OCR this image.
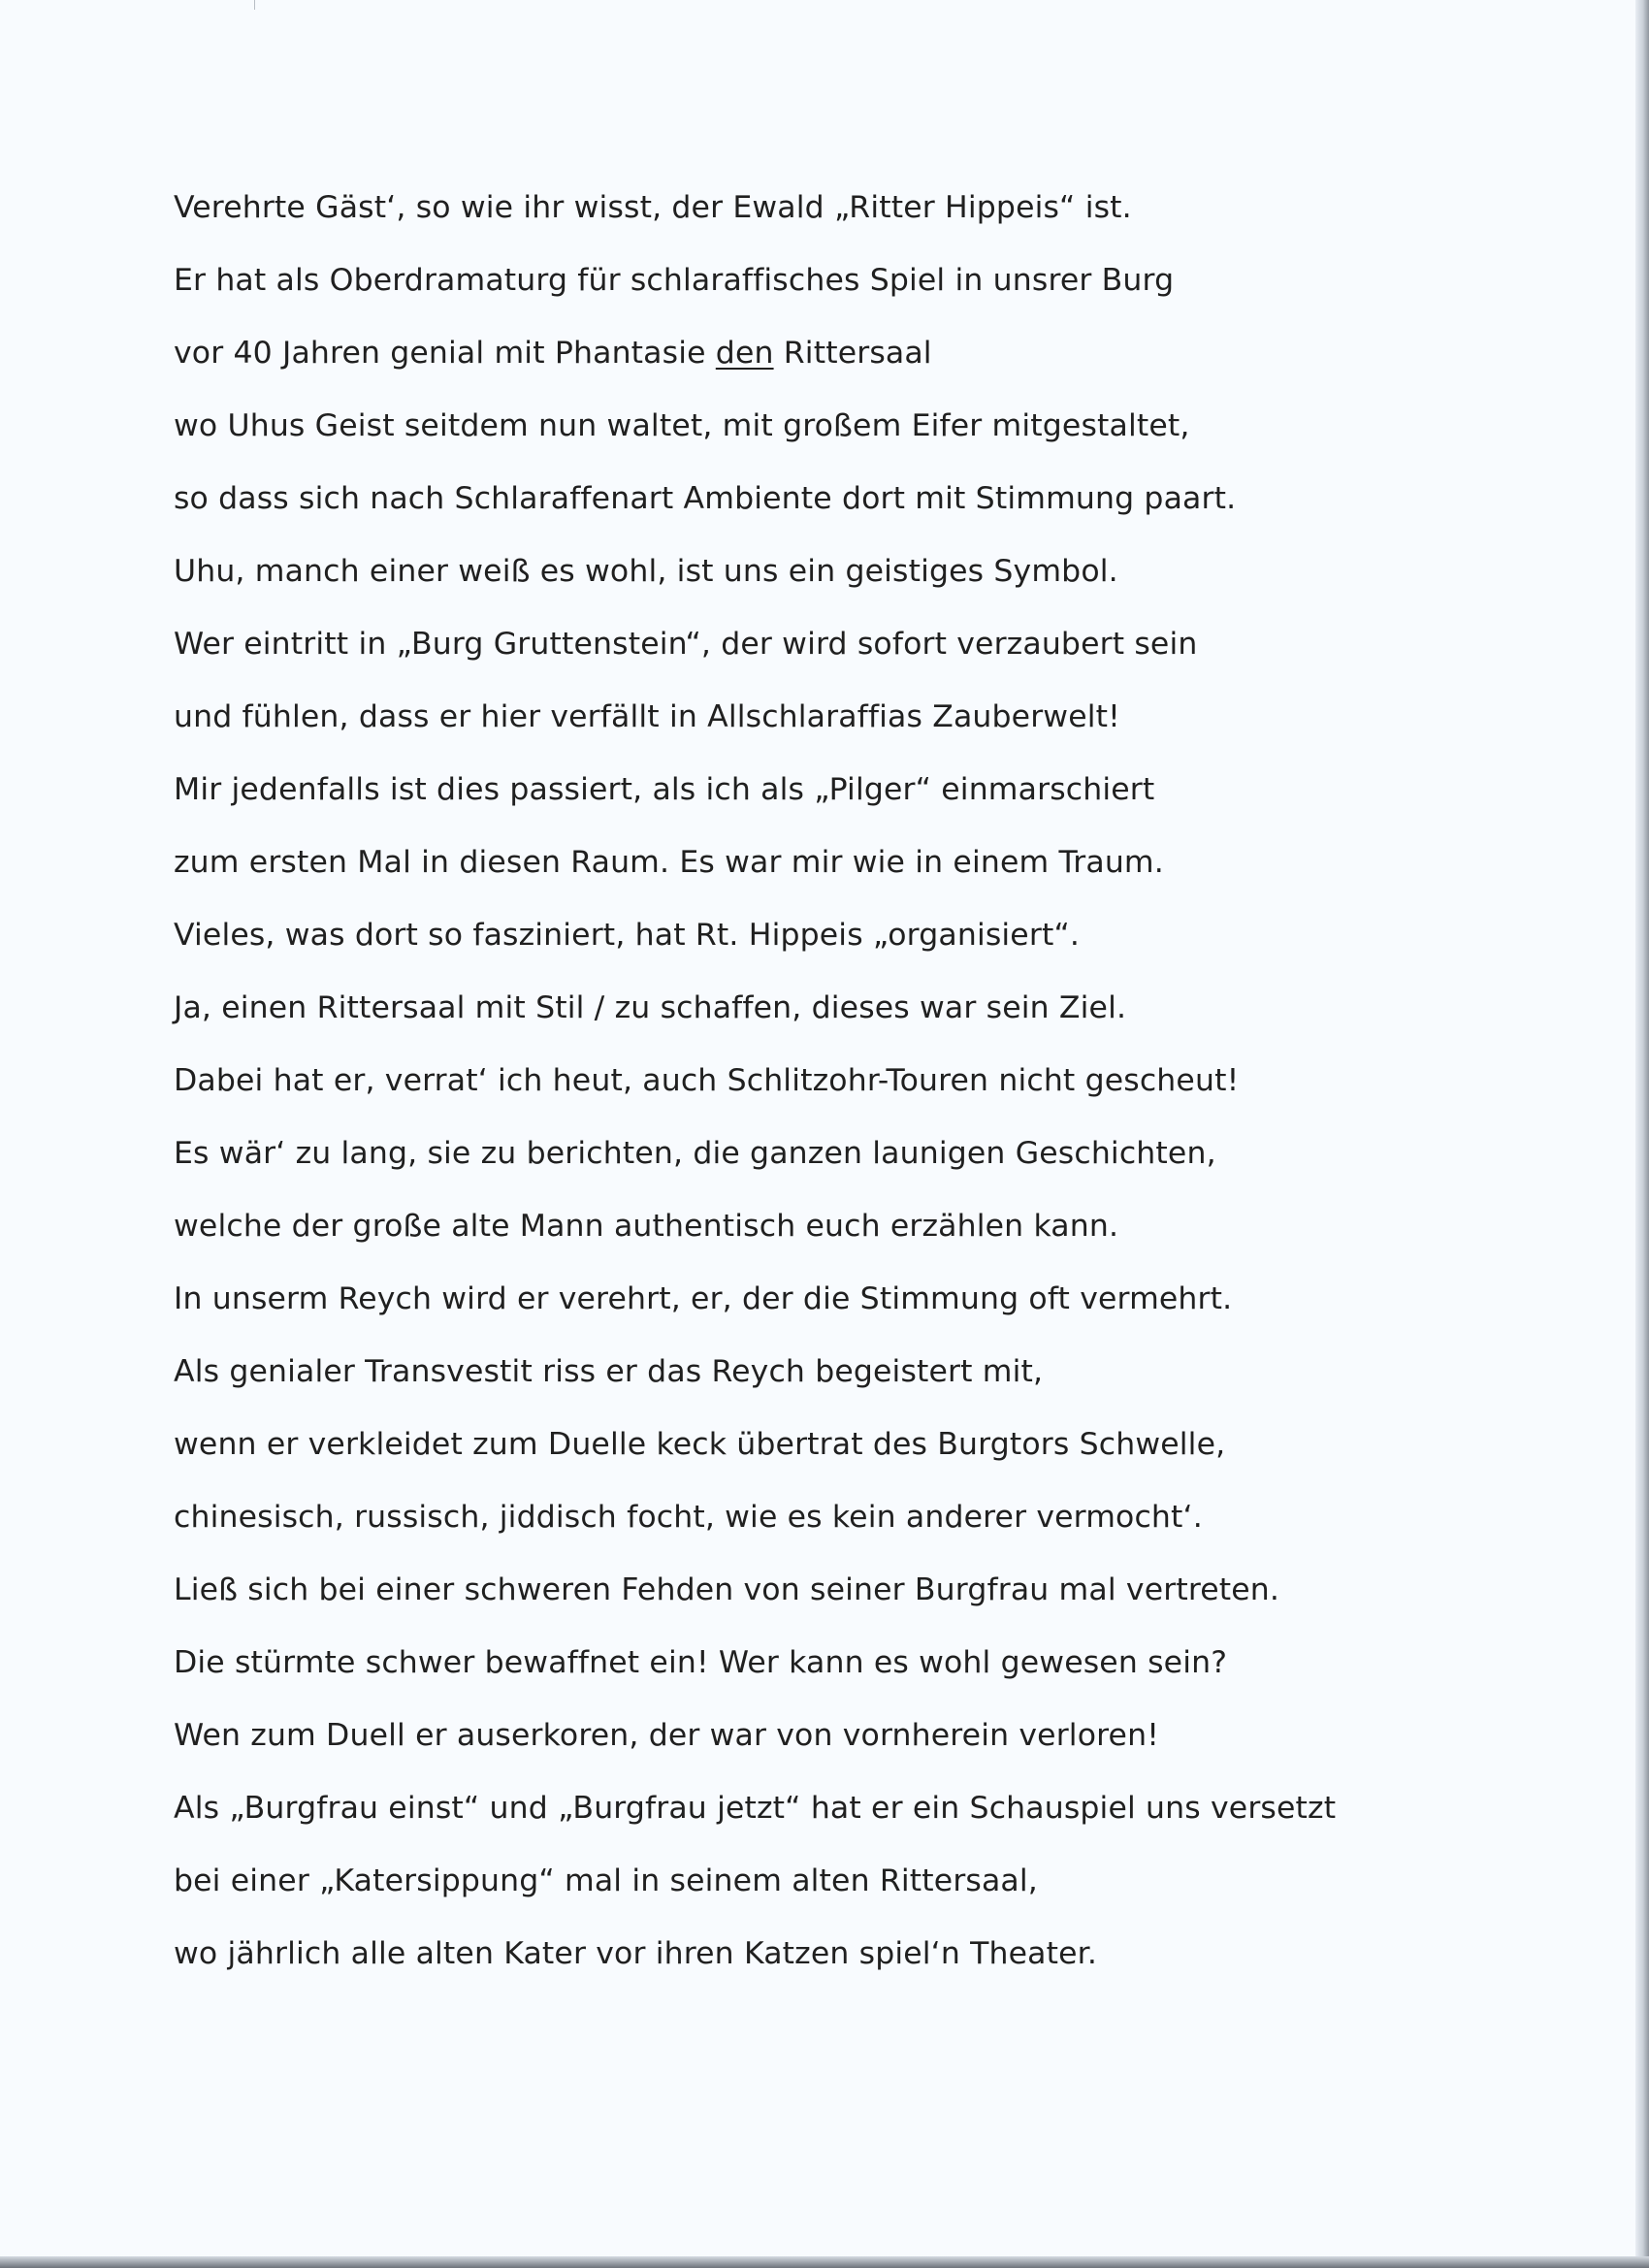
Verehrte Gäst‘, so wie ihr wisst, der Ewald „Ritter Hippeis“ ist.
Er hat als Oberdramaturg für schlaraffisches Spiel in unsrer Burg
vor 40 Jahren genial mit Phantasie den Rittersaal
wo Uhus Geist seitdem nun waltet, mit großem Eifer mitgestaltet,
so dass sich nach Schlaraffenart Ambiente dort mit Stimmung paart.
Uhu, manch einer weiß es wohl, ist uns ein geistiges Symbol.
Wer eintritt in „Burg Gruttenstein“, der wird sofort verzaubert sein
und fühlen, dass er hier verfällt in Allschlaraffias Zauberwelt!
Mir jedenfalls ist dies passiert, als ich als „Pilger“ einmarschiert
zum ersten Mal in diesen Raum. Es war mir wie in einem Traum.
Vieles, was dort so fasziniert, hat Rt. Hippeis „organisiert“.
Ja, einen Rittersaal mit Stil / zu schaffen, dieses war sein Ziel.
Dabei hat er, verrat‘ ich heut, auch Schlitzohr-Touren nicht gescheut!
Es wär‘ zu lang, sie zu berichten, die ganzen launigen Geschichten,
welche der große alte Mann authentisch euch erzählen kann.
In unserm Reych wird er verehrt, er, der die Stimmung oft vermehrt.
Als genialer Transvestit riss er das Reych begeistert mit,
wenn er verkleidet zum Duelle keck übertrat des Burgtors Schwelle,
chinesisch, russisch, jiddisch focht, wie es kein anderer vermocht‘.
Ließ sich bei einer schweren Fehden von seiner Burgfrau mal vertreten.
Die stürmte schwer bewaffnet ein! Wer kann es wohl gewesen sein?
Wen zum Duell er auserkoren, der war von vornherein verloren!
Als „Burgfrau einst“ und „Burgfrau jetzt“ hat er ein Schauspiel uns versetzt
bei einer „Katersippung“ mal in seinem alten Rittersaal,
wo jährlich alle alten Kater vor ihren Katzen spiel‘n Theater.
